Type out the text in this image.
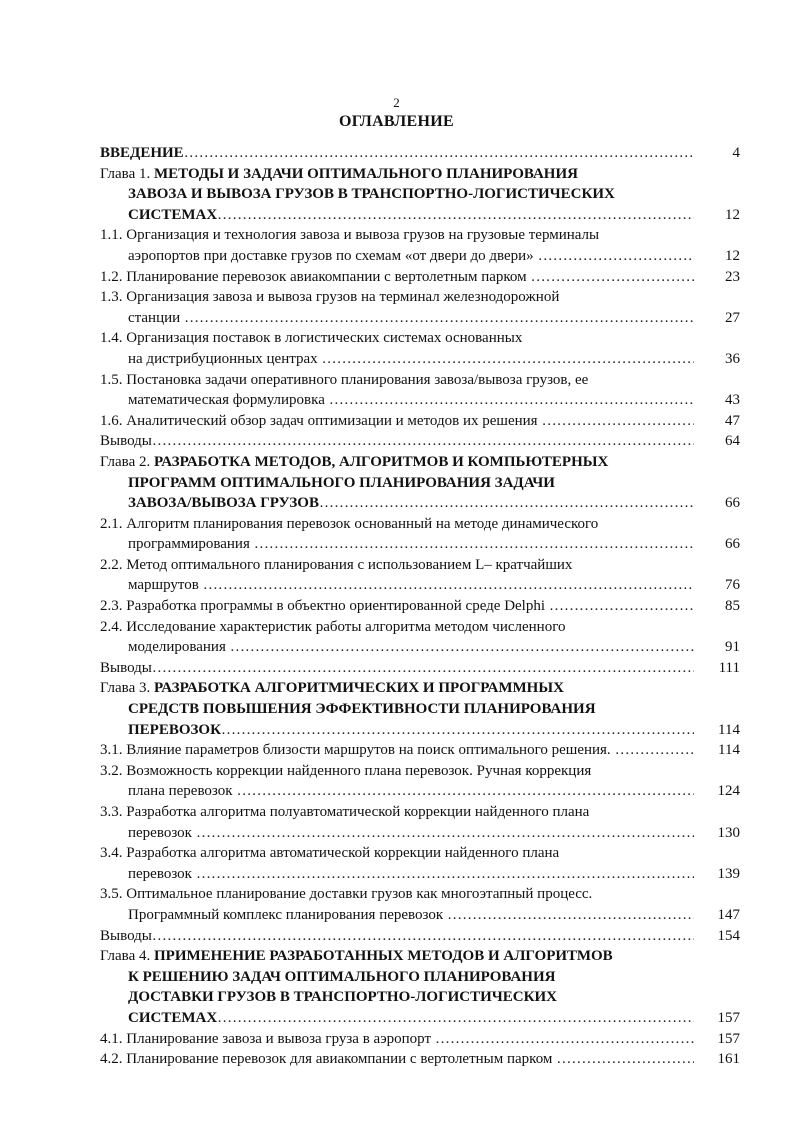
2
ОГЛАВЛЕНИЕ
ВВЕДЕНИЕ ……………………………………………………………………………………………………………………………………………………………………………………	4
Глава 1. МЕТОДЫ И ЗАДАЧИ ОПТИМАЛЬНОГО ПЛАНИРОВАНИЯ
ЗАВОЗА И ВЫВОЗА ГРУЗОВ В ТРАНСПОРТНО-ЛОГИСТИЧЕСКИХ
СИСТЕМАХ ……………………………………………………………………………………………………………………………………………………………………………………	12
1.1. Организация и технология завоза и вывоза грузов на грузовые терминалы
аэропортов при доставке грузов по схемам «от двери до двери» ……………………………………………………………………………………………………………………………………………………………………………………	12
1.2. Планирование перевозок авиакомпании с вертолетным парком ……………………………………………………………………………………………………………………………………………………………………………………	23
1.3. Организация завоза и вывоза грузов на терминал железнодорожной
станции ……………………………………………………………………………………………………………………………………………………………………………………	27
1.4. Организация поставок в логистических системах основанных
на дистрибуционных центрах ……………………………………………………………………………………………………………………………………………………………………………………	36
1.5. Постановка задачи оперативного планирования завоза/вывоза грузов, ее
математическая формулировка ……………………………………………………………………………………………………………………………………………………………………………………	43
1.6. Аналитический обзор задач оптимизации и методов их решения ……………………………………………………………………………………………………………………………………………………………………………………	47
Выводы ……………………………………………………………………………………………………………………………………………………………………………………	64
Глава 2. РАЗРАБОТКА МЕТОДОВ, АЛГОРИТМОВ И КОМПЬЮТЕРНЫХ
ПРОГРАММ ОПТИМАЛЬНОГО ПЛАНИРОВАНИЯ ЗАДАЧИ
ЗАВОЗА/ВЫВОЗА ГРУЗОВ ……………………………………………………………………………………………………………………………………………………………………………………	66
2.1. Алгоритм планирования перевозок основанный на методе динамического
программирования ……………………………………………………………………………………………………………………………………………………………………………………	66
2.2. Метод оптимального планирования с использованием L– кратчайших
маршрутов ……………………………………………………………………………………………………………………………………………………………………………………	76
2.3. Разработка программы в объектно ориентированной среде Delphi ……………………………………………………………………………………………………………………………………………………………………………………	85
2.4. Исследование характеристик работы алгоритма методом численного
моделирования ……………………………………………………………………………………………………………………………………………………………………………………	91
Выводы ……………………………………………………………………………………………………………………………………………………………………………………	111
Глава 3. РАЗРАБОТКА АЛГОРИТМИЧЕСКИХ И ПРОГРАММНЫХ
СРЕДСТВ ПОВЫШЕНИЯ ЭФФЕКТИВНОСТИ ПЛАНИРОВАНИЯ
ПЕРЕВОЗОК ……………………………………………………………………………………………………………………………………………………………………………………	114
3.1. Влияние параметров близости маршрутов на поиск оптимального решения. ……………………………………………………………………………………………………………………………………………………………………………………	114
3.2. Возможность коррекции найденного плана перевозок. Ручная коррекция
плана перевозок ……………………………………………………………………………………………………………………………………………………………………………………	124
3.3. Разработка алгоритма полуавтоматической коррекции найденного плана
перевозок ……………………………………………………………………………………………………………………………………………………………………………………	130
3.4. Разработка алгоритма автоматической коррекции найденного плана
перевозок ……………………………………………………………………………………………………………………………………………………………………………………	139
3.5. Оптимальное планирование доставки грузов как многоэтапный процесс.
Программный комплекс планирования перевозок ……………………………………………………………………………………………………………………………………………………………………………………	147
Выводы ……………………………………………………………………………………………………………………………………………………………………………………	154
Глава 4. ПРИМЕНЕНИЕ РАЗРАБОТАННЫХ МЕТОДОВ И АЛГОРИТМОВ
К РЕШЕНИЮ ЗАДАЧ ОПТИМАЛЬНОГО ПЛАНИРОВАНИЯ
ДОСТАВКИ ГРУЗОВ В ТРАНСПОРТНО-ЛОГИСТИЧЕСКИХ
СИСТЕМАХ ……………………………………………………………………………………………………………………………………………………………………………………	157
4.1. Планирование завоза и вывоза груза в аэропорт ……………………………………………………………………………………………………………………………………………………………………………………	157
4.2. Планирование перевозок для авиакомпании с вертолетным парком ……………………………………………………………………………………………………………………………………………………………………………………	161
